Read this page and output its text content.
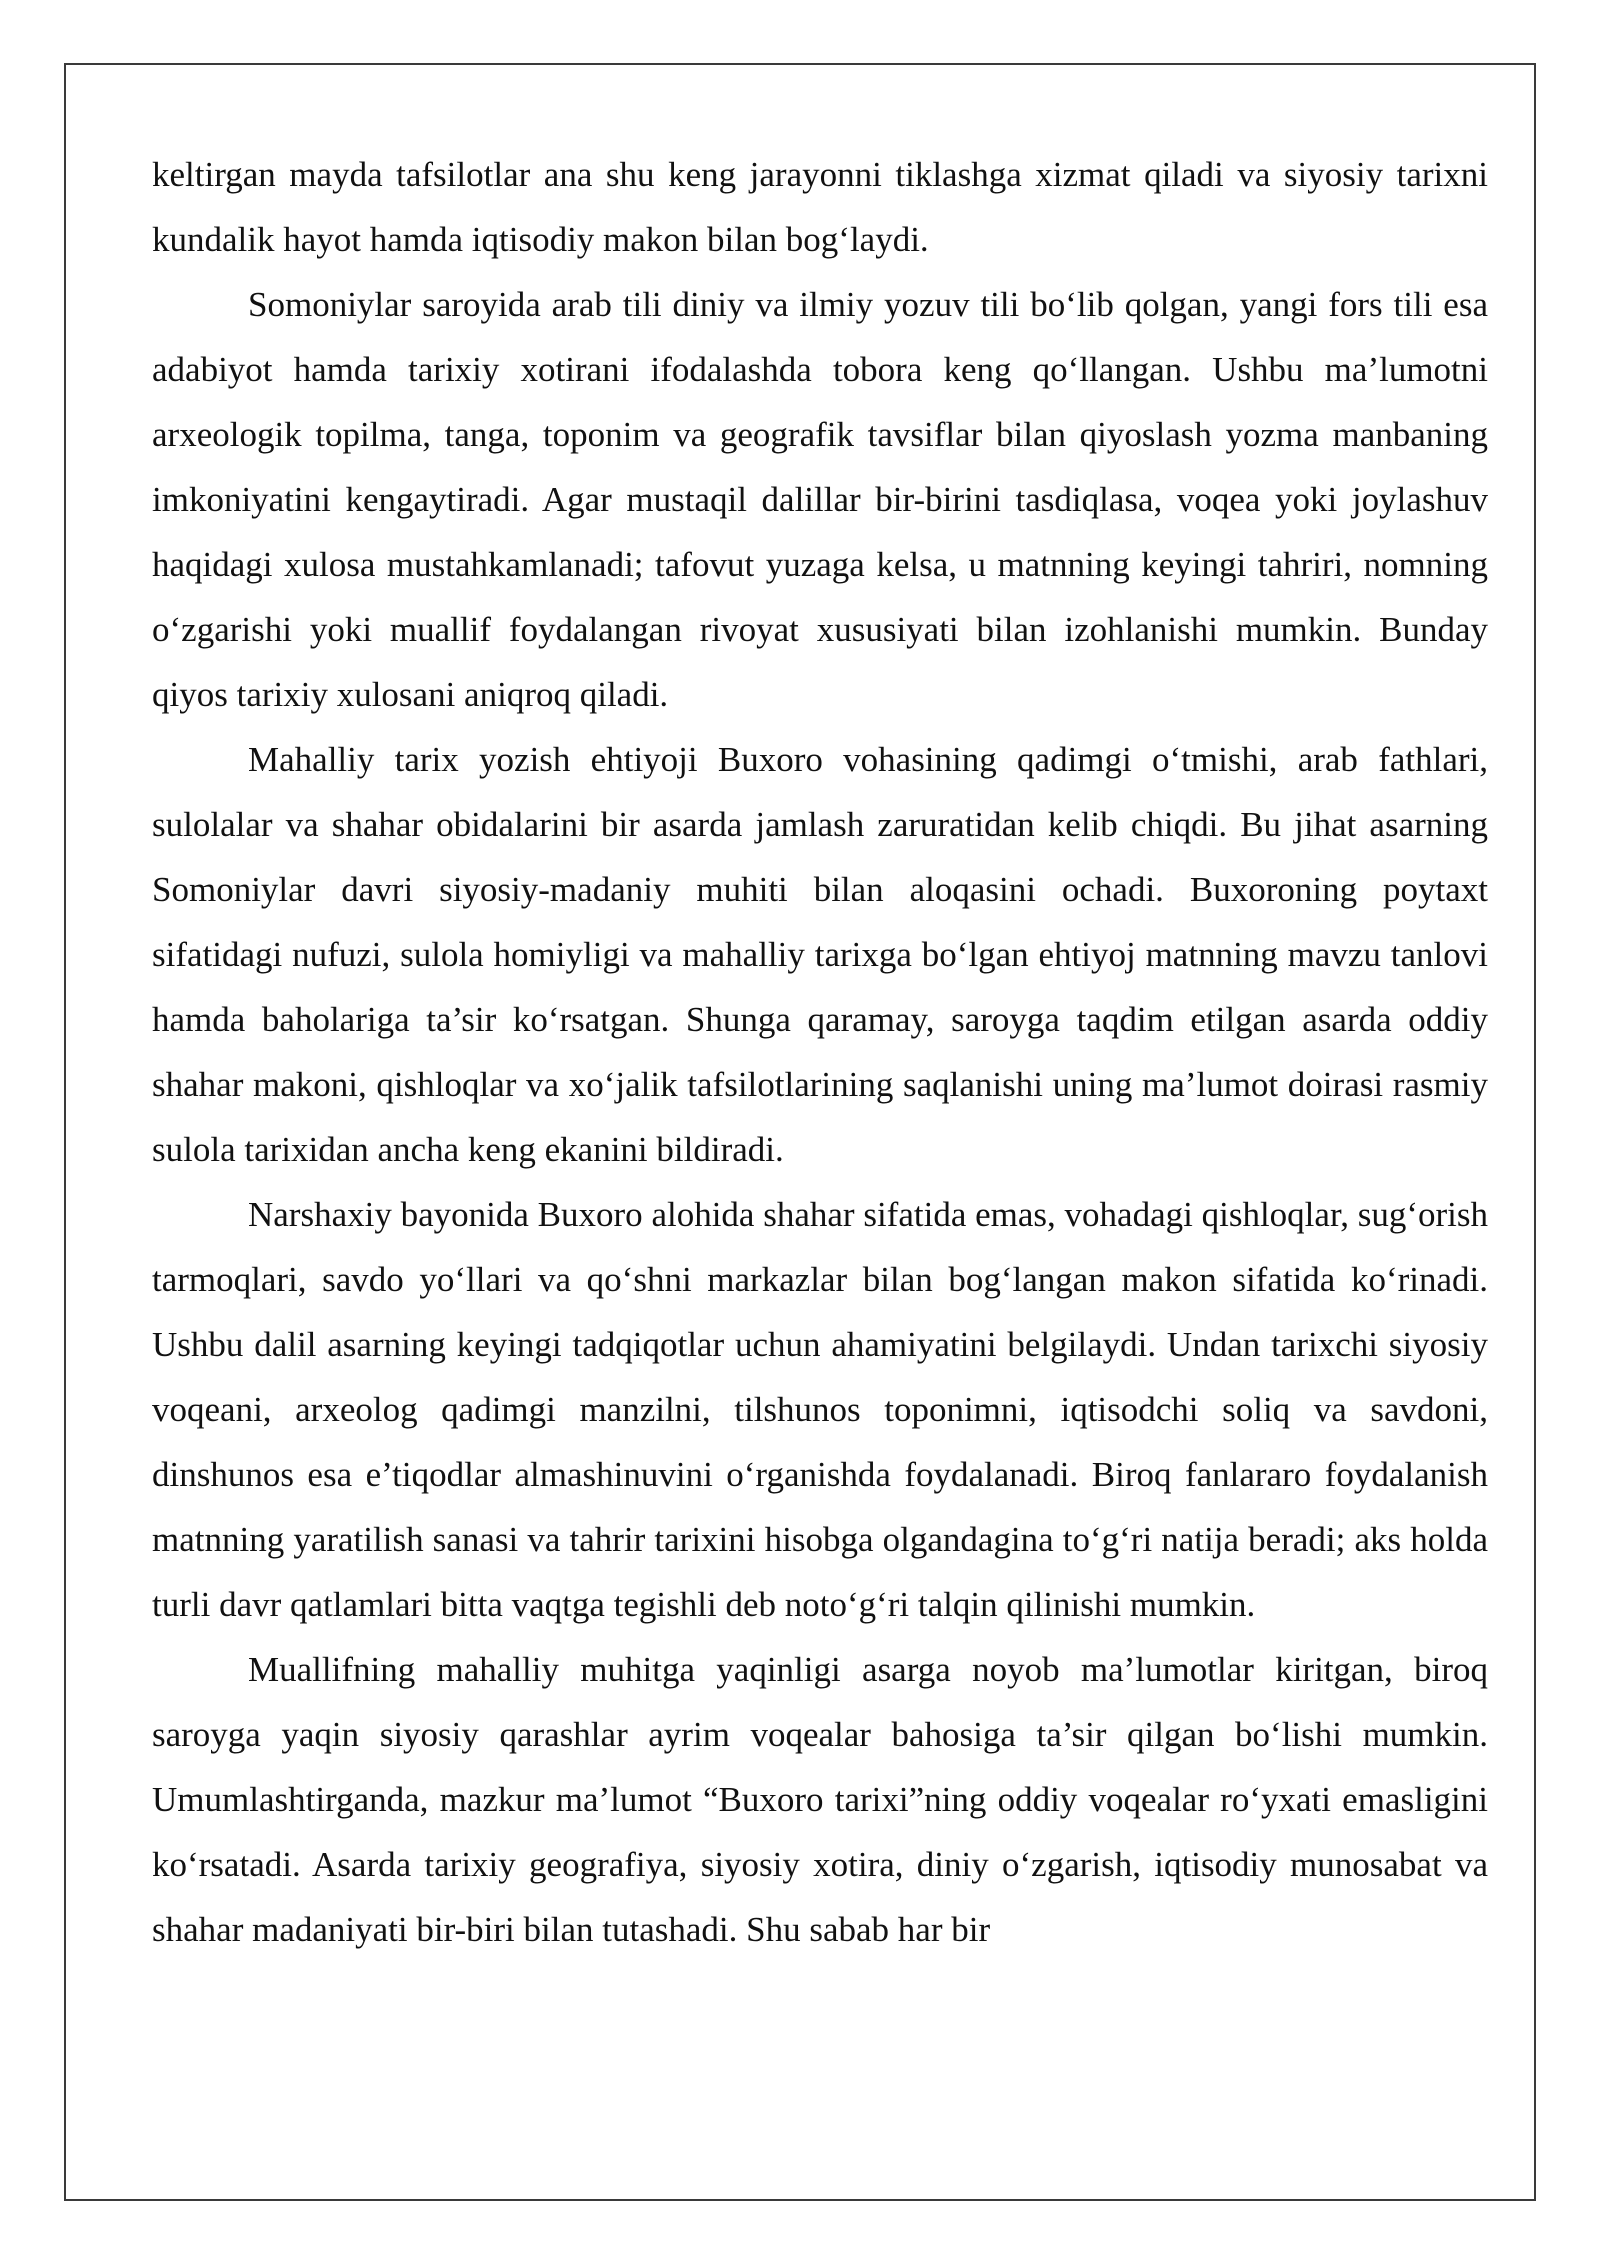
keltirgan mayda tafsilotlar ana shu keng jarayonni tiklashga xizmat qiladi va siyosiy tarixni kundalik hayot hamda iqtisodiy makon bilan bog‘laydi.

Somoniylar saroyida arab tili diniy va ilmiy yozuv tili bo‘lib qolgan, yangi fors tili esa adabiyot hamda tarixiy xotirani ifodalashda tobora keng qo‘llangan. Ushbu ma’lumotni arxeologik topilma, tanga, toponim va geografik tavsiflar bilan qiyoslash yozma manbaning imkoniyatini kengaytiradi. Agar mustaqil dalillar bir-birini tasdiqlasa, voqea yoki joylashuv haqidagi xulosa mustahkamlanadi; tafovut yuzaga kelsa, u matnning keyingi tahriri, nomning o‘zgarishi yoki muallif foydalangan rivoyat xususiyati bilan izohlanishi mumkin. Bunday qiyos tarixiy xulosani aniqroq qiladi.

Mahalliy tarix yozish ehtiyoji Buxoro vohasining qadimgi o‘tmishi, arab fathlari, sulolalar va shahar obidalarini bir asarda jamlash zaruratidan kelib chiqdi. Bu jihat asarning Somoniylar davri siyosiy-madaniy muhiti bilan aloqasini ochadi. Buxoroning poytaxt sifatidagi nufuzi, sulola homiyligi va mahalliy tarixga bo‘lgan ehtiyoj matnning mavzu tanlovi hamda baholariga ta’sir ko‘rsatgan. Shunga qaramay, saroyga taqdim etilgan asarda oddiy shahar makoni, qishloqlar va xo‘jalik tafsilotlarining saqlanishi uning ma’lumot doirasi rasmiy sulola tarixidan ancha keng ekanini bildiradi.

Narshaxiy bayonida Buxoro alohida shahar sifatida emas, vohadagi qishloqlar, sug‘orish tarmoqlari, savdo yo‘llari va qo‘shni markazlar bilan bog‘langan makon sifatida ko‘rinadi. Ushbu dalil asarning keyingi tadqiqotlar uchun ahamiyatini belgilaydi. Undan tarixchi siyosiy voqeani, arxeolog qadimgi manzilni, tilshunos toponimni, iqtisodchi soliq va savdoni, dinshunos esa e’tiqodlar almashinuvini o‘rganishda foydalanadi. Biroq fanlararo foydalanish matnning yaratilish sanasi va tahrir tarixini hisobga olgandagina to‘g‘ri natija beradi; aks holda turli davr qatlamlari bitta vaqtga tegishli deb noto‘g‘ri talqin qilinishi mumkin.

Muallifning mahalliy muhitga yaqinligi asarga noyob ma’lumotlar kiritgan, biroq saroyga yaqin siyosiy qarashlar ayrim voqealar bahosiga ta’sir qilgan bo‘lishi mumkin. Umumlashtirganda, mazkur ma’lumot “Buxoro tarixi”ning oddiy voqealar ro‘yxati emasligini ko‘rsatadi. Asarda tarixiy geografiya, siyosiy xotira, diniy o‘zgarish, iqtisodiy munosabat va shahar madaniyati bir-biri bilan tutashadi. Shu sabab har bir
